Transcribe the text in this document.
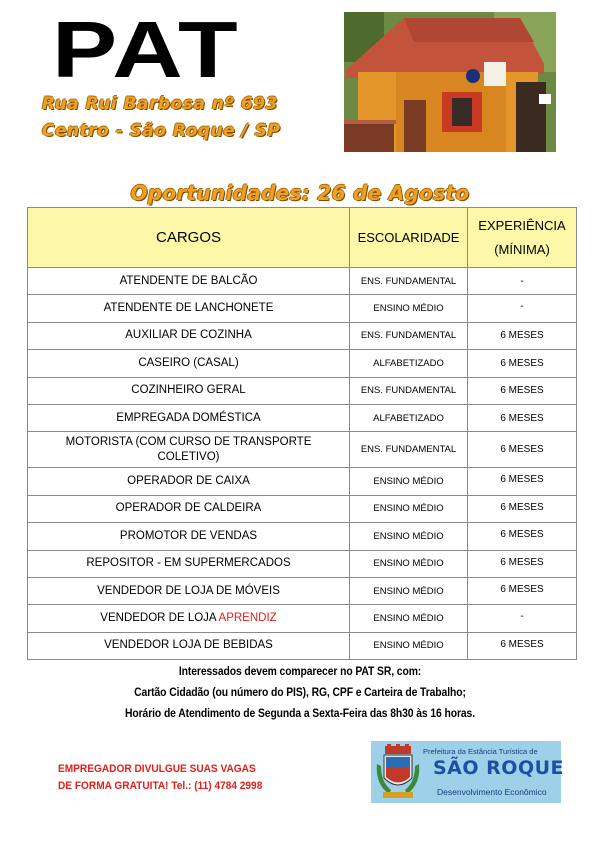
PAT
Rua Rui Barbosa nº 693
Centro - São Roque / SP
Oportunidades: 26 de Agosto
CARGOS	ESCOLARIDADE	EXPERIÊNCIA
(MÍNIMA)

ATENDENTE DE BALCÃO	ENS. FUNDAMENTAL	-
ATENDENTE DE LANCHONETE	ENSINO MÉDIO	-
AUXILIAR DE COZINHA	ENS. FUNDAMENTAL	6 MESES
CASEIRO (CASAL)	ALFABETIZADO	6 MESES
COZINHEIRO GERAL	ENS. FUNDAMENTAL	6 MESES
EMPREGADA DOMÉSTICA	ALFABETIZADO	6 MESES
MOTORISTA (COM CURSO DE TRANSPORTE COLETIVO)	ENS. FUNDAMENTAL	6 MESES
OPERADOR DE CAIXA	ENSINO MÉDIO	6 MESES
OPERADOR DE CALDEIRA	ENSINO MÉDIO	6 MESES
PROMOTOR DE VENDAS	ENSINO MÉDIO	6 MESES
REPOSITOR - EM SUPERMERCADOS	ENSINO MÉDIO	6 MESES
VENDEDOR DE LOJA DE MÓVEIS	ENSINO MÉDIO	6 MESES
VENDEDOR DE LOJA APRENDIZ	ENSINO MÉDIO	-
VENDEDOR LOJA DE BEBIDAS	ENSINO MÉDIO	6 MESES
Interessados devem comparecer no PAT SR, com:
Cartão Cidadão (ou número do PIS), RG, CPF e Carteira de Trabalho;
Horário de Atendimento de Segunda a Sexta-Feira das 8h30 às 16 horas.
EMPREGADOR DIVULGUE SUAS VAGAS
DE FORMA GRATUITA! Tel.: (11) 4784 2998
Prefeitura da Estância Turística de
SÃO ROQUE
Desenvolvimento Econômico
